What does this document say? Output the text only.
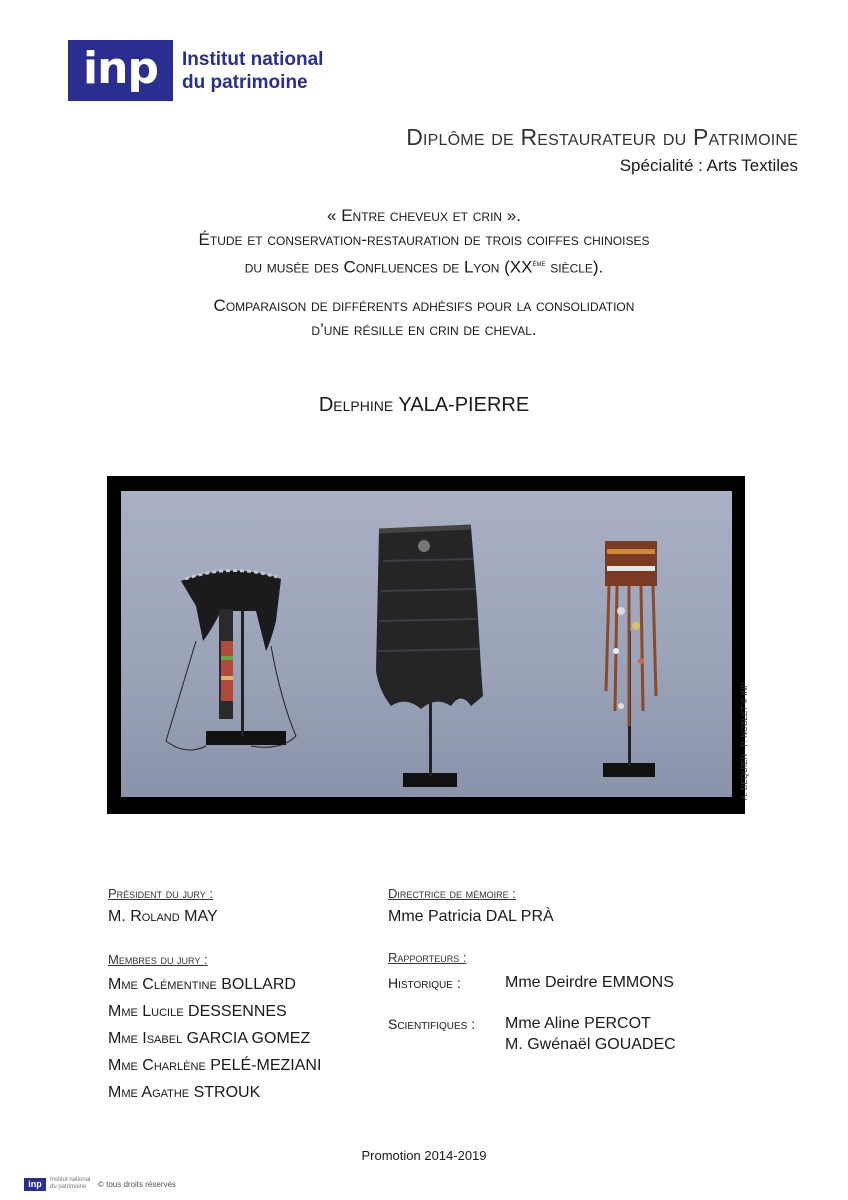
inp	Institut national
du patrimoine
Diplôme de Restaurateur du Patrimoine
Spécialité : Arts Textiles
« Entre cheveux et crin ».
Étude et conservation-restauration de trois coiffes chinoises
du musée des Confluences de Lyon (XXème siècle).
Comparaison de différents adhésifs pour la consolidation
d’une résille en crin de cheval.
Delphine YALA-PIERRE
A. DEQUIER - P. NOBLET © INP
Président du jury :
M. Roland MAY
Membres du jury :
Mme Clémentine BOLLARD
Mme Lucile DESSENNES
Mme Isabel GARCIA GOMEZ
Mme Charlène PELÉ-MEZIANI
Mme Agathe STROUK
Directrice de mémoire :
Mme Patricia DAL PRÀ
Rapporteurs :
Historique :	Mme Deirdre EMMONS
Scientifiques : Mme Aline PERCOT
M. Gwénaël GOUADEC
Promotion 2014-2019
inp	Institut national du patrimoine	© tous droits réservés
